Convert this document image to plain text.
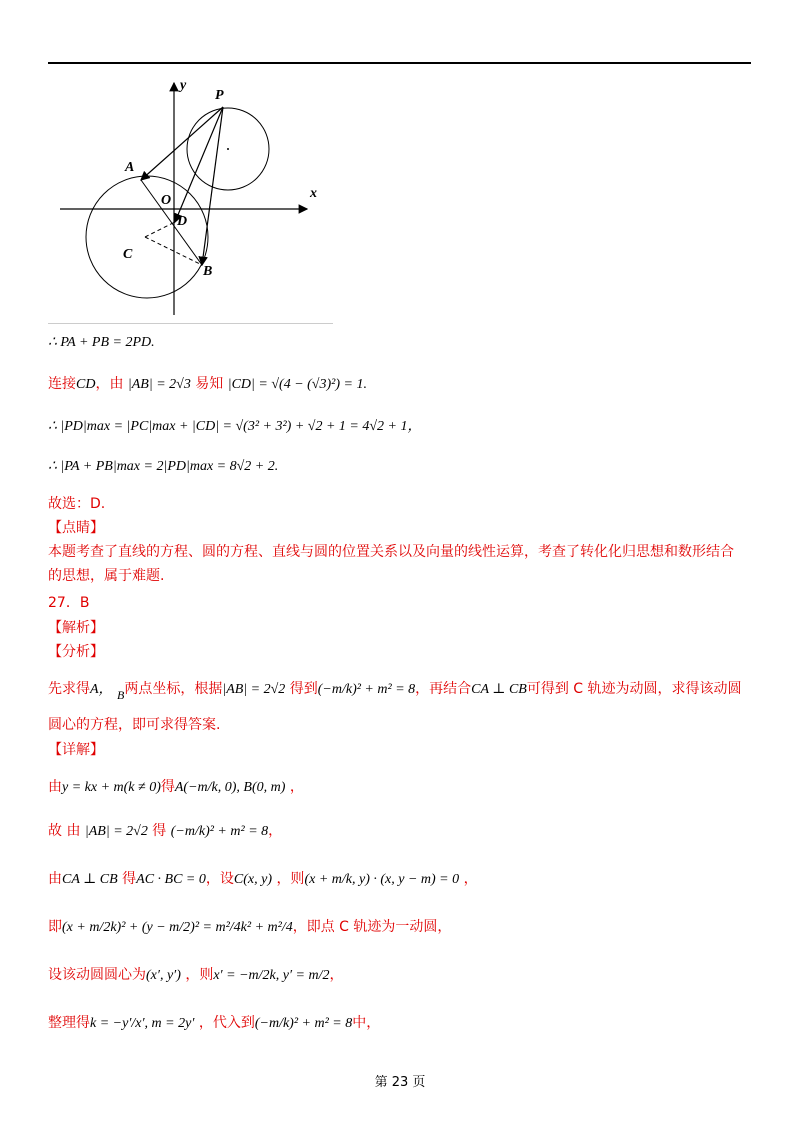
y
x
P
A
O
D
C
B
∴ PA + PB = 2PD.
连接CD，由 |AB| = 2√3 易知 |CD| = √(4 − (√3)²) = 1.
∴ |PD|max = |PC|max + |CD| = √(3² + 3²) + √2 + 1 = 4√2 + 1，
∴ |PA + PB|max = 2|PD|max = 8√2 + 2.
故选：D.
【点睛】
本题考查了直线的方程、圆的方程、直线与圆的位置关系以及向量的线性运算，考查了转化化归思想和数形结合
的思想，属于难题.
27．B
【解析】
【分析】
先求得A， B两点坐标，根据|AB| = 2√2 得到(−m/k)² + m² = 8，再结合CA ⊥ CB可得到 C 轨迹为动圆，求得该动圆
圆心的方程，即可求得答案.
【详解】
由y = kx + m(k ≠ 0)得A(−m/k, 0), B(0, m) ，
故 由 |AB| = 2√2 得 (−m/k)² + m² = 8，
由CA ⊥ CB 得AC · BC = 0，设C(x, y) ，则(x + m/k, y) · (x, y − m) = 0 ，
即(x + m/2k)² + (y − m/2)² = m²/4k² + m²/4，即点 C 轨迹为一动圆，
设该动圆圆心为(x′, y′) ，则x′ = −m/2k, y′ = m/2，
整理得k = −y′/x′, m = 2y′ ，代入到(−m/k)² + m² = 8中，
第 23 页
